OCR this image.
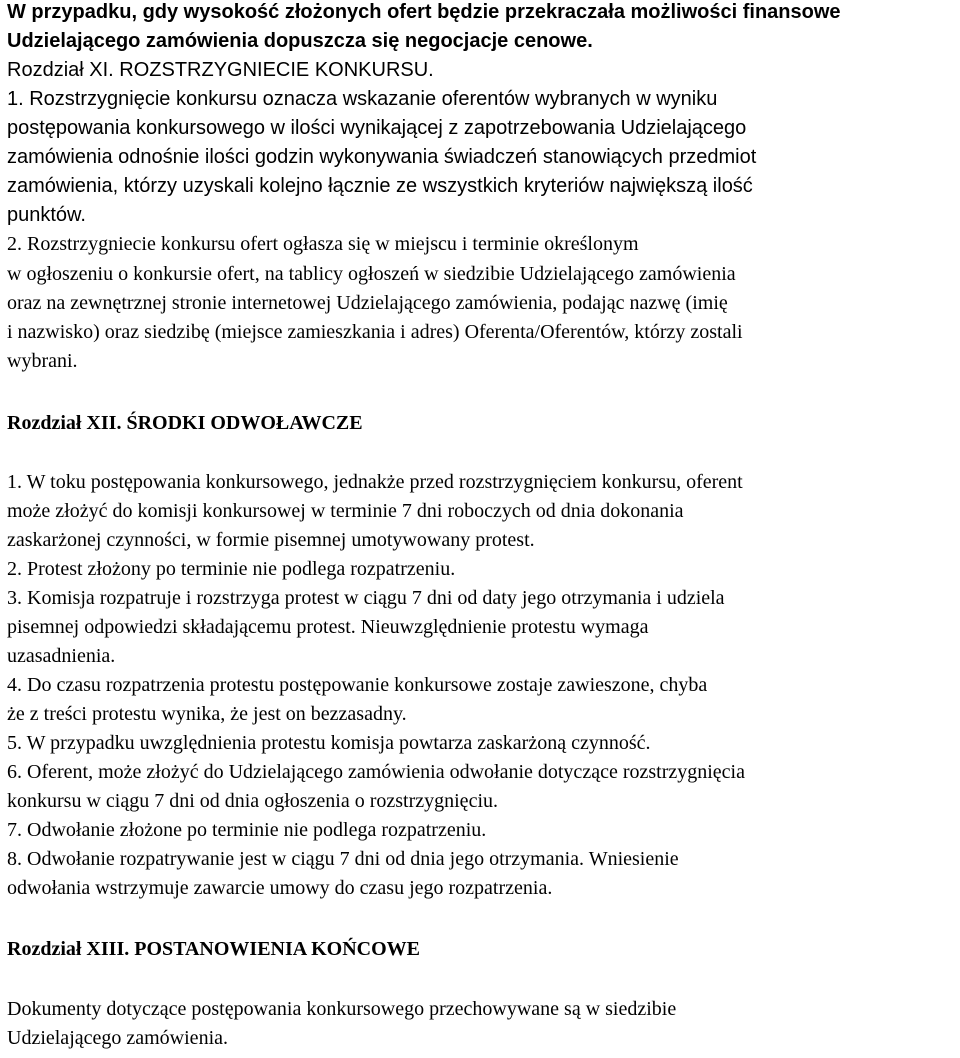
W przypadku, gdy wysokość złożonych ofert będzie przekraczała możliwości finansowe
Udzielającego zamówienia dopuszcza się negocjacje cenowe.
Rozdział XI. ROZSTRZYGNIECIE KONKURSU.
1. Rozstrzygnięcie konkursu oznacza wskazanie oferentów wybranych w wyniku
postępowania konkursowego w ilości wynikającej z zapotrzebowania Udzielającego
zamówienia odnośnie ilości godzin wykonywania świadczeń stanowiących przedmiot
zamówienia, którzy uzyskali kolejno łącznie ze wszystkich kryteriów największą ilość
punktów.
2. Rozstrzygniecie konkursu ofert ogłasza się w miejscu i terminie określonym
w ogłoszeniu o konkursie ofert, na tablicy ogłoszeń w siedzibie Udzielającego zamówienia
oraz na zewnętrznej stronie internetowej Udzielającego zamówienia, podając nazwę (imię
i nazwisko) oraz siedzibę (miejsce zamieszkania i adres) Oferenta/Oferentów, którzy zostali
wybrani.
Rozdział XII. ŚRODKI ODWOŁAWCZE
1. W toku postępowania konkursowego, jednakże przed rozstrzygnięciem konkursu, oferent
może złożyć do komisji konkursowej w terminie 7 dni roboczych od dnia dokonania
zaskarżonej czynności, w formie pisemnej umotywowany protest.
2. Protest złożony po terminie nie podlega rozpatrzeniu.
3. Komisja rozpatruje i rozstrzyga protest w ciągu 7 dni od daty jego otrzymania i udziela
pisemnej odpowiedzi składającemu protest. Nieuwzględnienie protestu wymaga
uzasadnienia.
4. Do czasu rozpatrzenia protestu postępowanie konkursowe zostaje zawieszone, chyba
że z treści protestu wynika, że jest on bezzasadny.
5. W przypadku uwzględnienia protestu komisja powtarza zaskarżoną czynność.
6. Oferent, może złożyć do Udzielającego zamówienia odwołanie dotyczące rozstrzygnięcia
konkursu w ciągu 7 dni od dnia ogłoszenia o rozstrzygnięciu.
7. Odwołanie złożone po terminie nie podlega rozpatrzeniu.
8. Odwołanie rozpatrywanie jest w ciągu 7 dni od dnia jego otrzymania. Wniesienie
odwołania wstrzymuje zawarcie umowy do czasu jego rozpatrzenia.
Rozdział XIII. POSTANOWIENIA KOŃCOWE
Dokumenty dotyczące postępowania konkursowego przechowywane są w siedzibie
Udzielającego zamówienia.
